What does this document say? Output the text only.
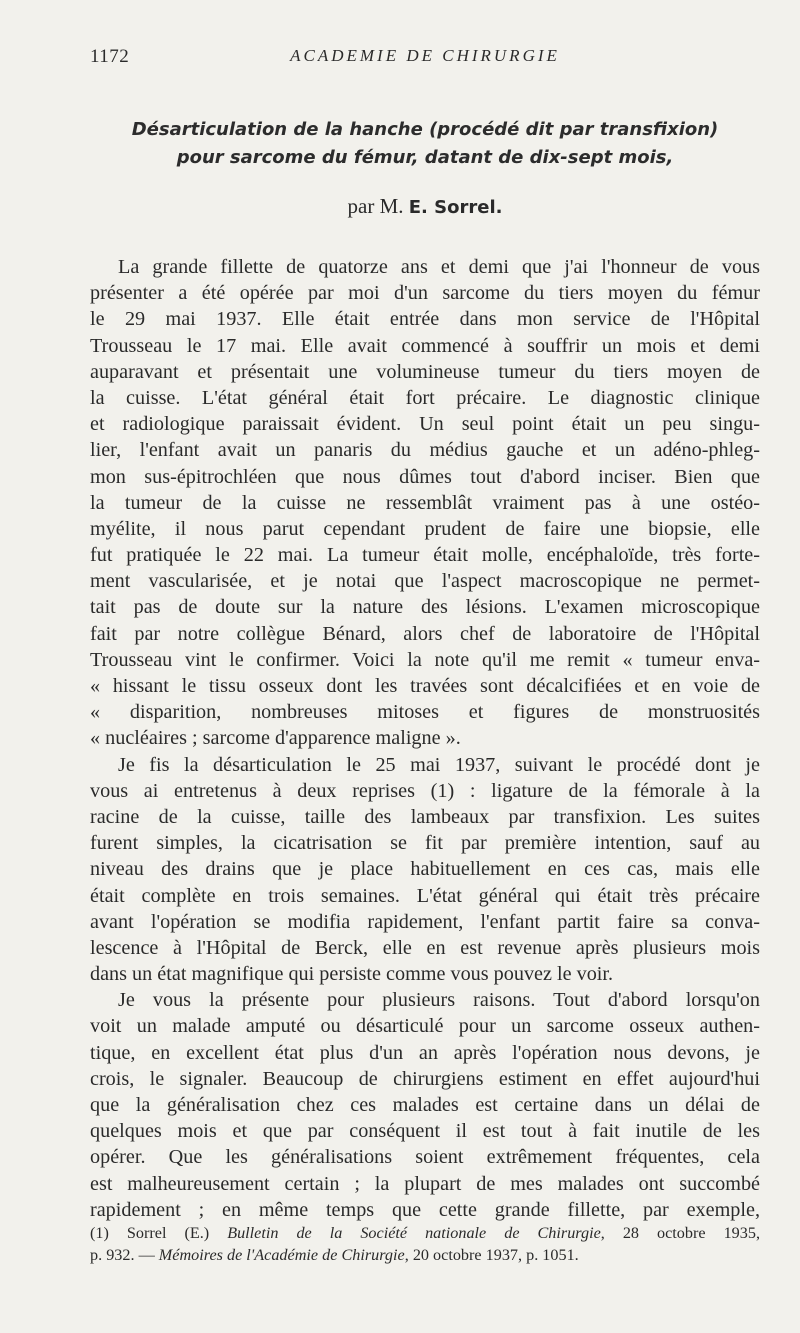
1172	ACADEMIE DE CHIRURGIE
Désarticulation de la hanche (procédé dit par transfixion)
pour sarcome du fémur, datant de dix-sept mois,
par M. E. Sorrel.
La grande fillette de quatorze ans et demi que j'ai l'honneur de vous
présenter a été opérée par moi d'un sarcome du tiers moyen du fémur
le 29 mai 1937. Elle était entrée dans mon service de l'Hôpital
Trousseau le 17 mai. Elle avait commencé à souffrir un mois et demi
auparavant et présentait une volumineuse tumeur du tiers moyen de
la cuisse. L'état général était fort précaire. Le diagnostic clinique
et radiologique paraissait évident. Un seul point était un peu singu-
lier, l'enfant avait un panaris du médius gauche et un adéno-phleg-
mon sus-épitrochléen que nous dûmes tout d'abord inciser. Bien que
la tumeur de la cuisse ne ressemblât vraiment pas à une ostéo-
myélite, il nous parut cependant prudent de faire une biopsie, elle
fut pratiquée le 22 mai. La tumeur était molle, encéphaloïde, très forte-
ment vascularisée, et je notai que l'aspect macroscopique ne permet-
tait pas de doute sur la nature des lésions. L'examen microscopique
fait par notre collègue Bénard, alors chef de laboratoire de l'Hôpital
Trousseau vint le confirmer. Voici la note qu'il me remit « tumeur enva-
« hissant le tissu osseux dont les travées sont décalcifiées et en voie de
« disparition, nombreuses mitoses et figures de monstruosités
« nucléaires ; sarcome d'apparence maligne ».
Je fis la désarticulation le 25 mai 1937, suivant le procédé dont je
vous ai entretenus à deux reprises (1) : ligature de la fémorale à la
racine de la cuisse, taille des lambeaux par transfixion. Les suites
furent simples, la cicatrisation se fit par première intention, sauf au
niveau des drains que je place habituellement en ces cas, mais elle
était complète en trois semaines. L'état général qui était très précaire
avant l'opération se modifia rapidement, l'enfant partit faire sa conva-
lescence à l'Hôpital de Berck, elle en est revenue après plusieurs mois
dans un état magnifique qui persiste comme vous pouvez le voir.
Je vous la présente pour plusieurs raisons. Tout d'abord lorsqu'on
voit un malade amputé ou désarticulé pour un sarcome osseux authen-
tique, en excellent état plus d'un an après l'opération nous devons, je
crois, le signaler. Beaucoup de chirurgiens estiment en effet aujourd'hui
que la généralisation chez ces malades est certaine dans un délai de
quelques mois et que par conséquent il est tout à fait inutile de les
opérer. Que les généralisations soient extrêmement fréquentes, cela
est malheureusement certain ; la plupart de mes malades ont succombé
rapidement ; en même temps que cette grande fillette, par exemple,
(1) Sorrel (E.) Bulletin de la Société nationale de Chirurgie, 28 octobre 1935,
p. 932. — Mémoires de l'Académie de Chirurgie, 20 octobre 1937, p. 1051.
